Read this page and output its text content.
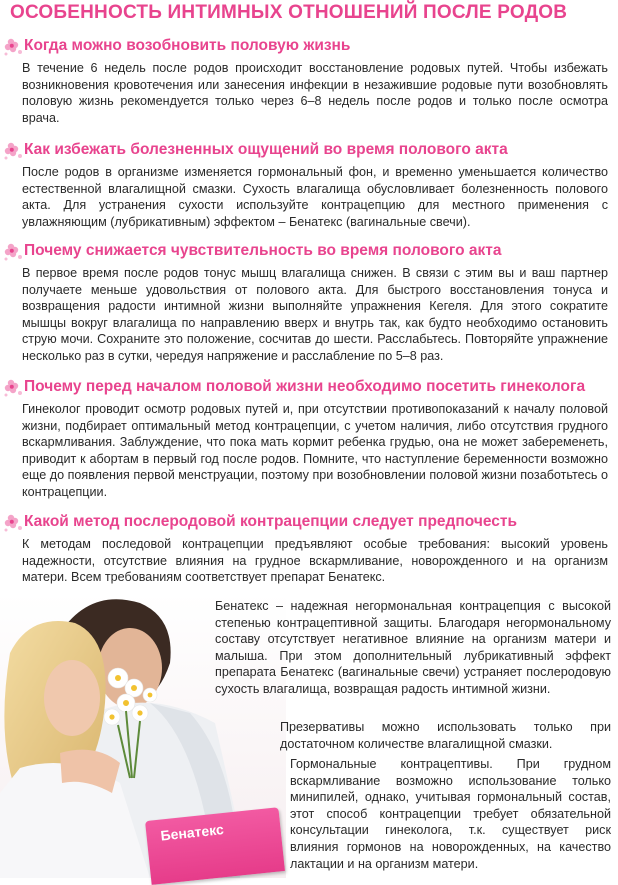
ОСОБЕННОСТЬ ИНТИМНЫХ ОТНОШЕНИЙ ПОСЛЕ РОДОВ
Когда можно возобновить половую жизнь

В течение 6 недель после родов происходит восстановление родовых путей. Чтобы избежать возникновения кровотечения или занесения инфекции в незажившие родовые пути возобновлять половую жизнь рекомендуется только через 6–8 недель после родов и только после осмотра врача.

Как избежать болезненных ощущений во время полового акта

После родов в организме изменяется гормональный фон, и временно уменьшается количество естественной влагалищной смазки. Сухость влагалища обусловливает болезненность полового акта. Для устранения сухости используйте контрацепцию для местного применения с увлажняющим (лубрикативным) эффектом – Бенатекс (вагинальные свечи).

Почему снижается чувствительность во время полового акта

В первое время после родов тонус мышц влагалища снижен. В связи с этим вы и ваш партнер получаете меньше удовольствия от полового акта. Для быстрого восстановления тонуса и возвращения радости интимной жизни выполняйте упражнения Кегеля. Для этого сократите мышцы вокруг влагалища по направлению вверх и внутрь так, как будто необходимо остановить струю мочи. Сохраните это положение, сосчитав до шести. Расслабьтесь. Повторяйте упражнение несколько раз в сутки, чередуя напряжение и расслабление по 5–8 раз.

Почему перед началом половой жизни необходимо посетить гинеколога

Гинеколог проводит осмотр родовых путей и, при отсутствии противопоказаний к началу половой жизни, подбирает оптимальный метод контрацепции, с учетом наличия, либо отсутствия грудного вскармливания. Заблуждение, что пока мать кормит ребенка грудью, она не может забеременеть, приводит к абортам в первый год после родов. Помните, что наступление беременности возможно еще до появления первой менструации, поэтому при возобновлении половой жизни позаботьтесь о контрацепции.

Какой метод послеродовой контрацепции следует предпочесть

К методам последовой контрацепции предъявляют особые требования: высокий уровень надежности, отсутствие влияния на грудное вскармливание, новорожденного и на организм матери. Всем требованиям соответствует препарат Бенатекс.

Бенатекс – надежная негормональная контрацепция с высокой степенью контрацептивной защиты. Благодаря негормональному составу отсутствует негативное влияние на организм матери и малыша. При этом дополнительный лубрикативный эффект препарата Бенатекс (вагинальные свечи) устраняет послеродовую сухость влагалища, возвращая радость интимной жизни.

Презервативы можно использовать только при достаточном количестве влагалищной смазки.

Гормональные контрацептивы. При грудном вскармливание возможно использование только минипилей, однако, учитывая гормональный состав, этот способ контрацепции требует обязательной консультации гинеколога, т.к. существует риск влияния гормонов на новорожденных, на качество лактации и на организм матери.

Бенатекс
